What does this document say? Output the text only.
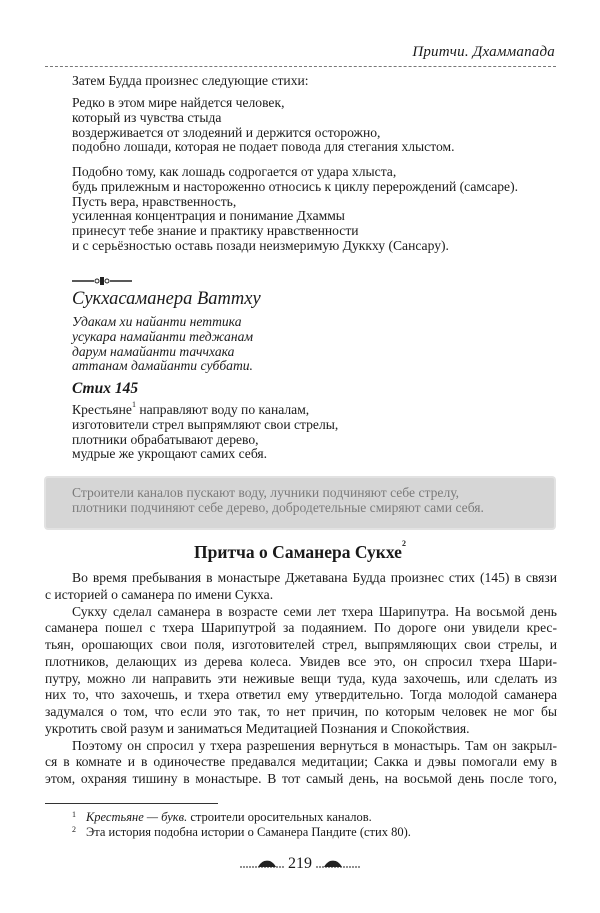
Притчи. Дхаммапада
Затем Будда произнес следующие стихи:
Редко в этом мире найдется человек,
который из чувства стыда
воздерживается от злодеяний и держится осторожно,
подобно лошади, которая не подает повода для стегания хлыстом.
Подобно тому, как лошадь содрогается от удара хлыста,
будь прилежным и настороженно относись к циклу перерождений (самсаре).
Пусть вера, нравственность,
усиленная концентрация и понимание Дхаммы
принесут тебе знание и практику нравственности
и с серьёзностью оставь позади неизмеримую Дуккху (Сансару).
Сукхасаманера Ваттху
Удакам хи найанти неттика
усукара намайанти теджанам
дарум намайанти таччхака
аттанам дамайанти суббати.
Стих 145
Крестьяне$^1$ направляют воду по каналам,
изготовители стрел выпрямляют свои стрелы,
плотники обрабатывают дерево,
мудрые же укрощают самих себя.
Строители каналов пускают воду, лучники подчиняют себе стрелу,
плотники подчиняют себе дерево, добродетельные смиряют сами себя.
Притча о Саманера Сукхе$^2$
Во время пребывания в монастыре Джетавана Будда произнес стих (145) в связи
с историей о саманера по имени Сукха.
Сукху сделал саманера в возрасте семи лет тхера Шарипутра. На восьмой день
саманера пошел с тхера Шарипутрой за подаянием. По дороге они увидели крес-
тьян, орошающих свои поля, изготовителей стрел, выпрямляющих свои стрелы, и
плотников, делающих из дерева колеса. Увидев все это, он спросил тхера Шари-
путру, можно ли направить эти неживые вещи туда, куда захочешь, или сделать из
них то, что захочешь, и тхера ответил ему утвердительно. Тогда молодой саманера
задумался о том, что если это так, то нет причин, по которым человек не мог бы
укротить свой разум и заниматься Медитацией Познания и Спокойствия.
Поэтому он спросил у тхера разрешения вернуться в монастырь. Там он закрыл-
ся в комнате и в одиночестве предавался медитации; Сакка и дэвы помогали ему в
этом, охраняя тишину в монастыре. В тот самый день, на восьмой день после того,
1 Крестьяне — букв. строители оросительных каналов.
2 Эта история подобна истории о Саманера Пандите (стих 80).
219
